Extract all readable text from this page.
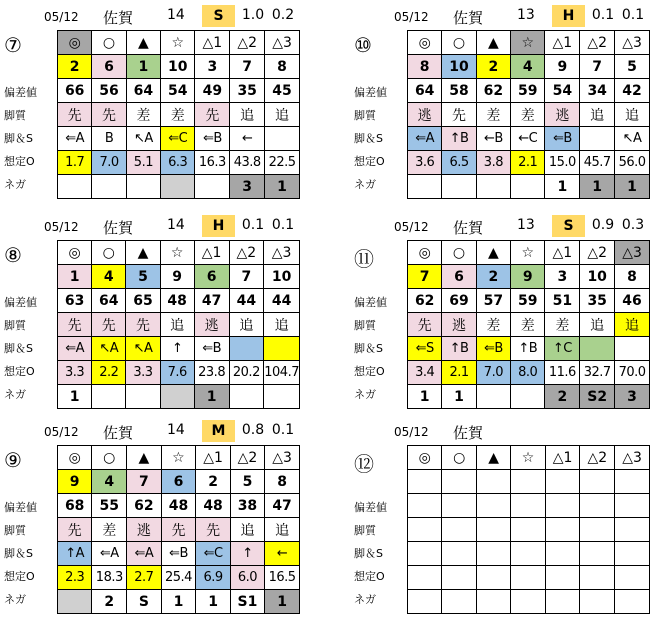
05/12 佐賀 14	S	1.0 0.2
⑦
偏差値
脚質
脚＆S
想定O
ネガ
◎	○	▲	☆	△1	△2	△3
2	6	1	10	3	7	8
66	56	64	54	49	35	45
先	先	差	差	先	追	追
⇐A	B	↖A	⇐C	⇐B	←	
1.7	7.0	5.1	6.3	16.3	43.8	22.5
					3	1
05/12 佐賀 13	H	0.1 0.1
⑩
偏差値
脚質
脚＆S
想定O
ネガ
◎	○	▲	☆	△1	△2	△3
8	10	2	4	9	7	5
64	58	62	59	54	34	42
逃	先	差	差	逃	追	追
⇐A	↑B	←B	←C	⇐B		↖A
3.6	6.5	3.8	2.1	15.0	45.7	56.0
				1	1	1
05/12 佐賀 14	H	0.1 0.1
⑧
偏差値
脚質
脚＆S
想定O
ネガ
◎	○	▲	☆	△1	△2	△3
1	4	5	9	6	7	10
63	64	65	48	47	44	44
先	先	先	追	逃	追	追
⇐A	↖A	↖A	↑	⇐B		
3.3	2.2	3.3	7.6	23.8	20.2	104.7
1				1		
05/12 佐賀 13	S	0.9 0.3
⑪
偏差値
脚質
脚＆S
想定O
ネガ
◎	○	▲	☆	△1	△2	△3
7	6	2	9	3	10	8
62	69	57	59	51	35	46
先	逃	差	差	差	追	追
⇐S	↑B	⇐B	↑B	↑C		
3.4	2.1	7.0	8.0	11.6	32.7	70.0
1	1			2	S2	3
05/12 佐賀 14	M	0.8 0.1
⑨
偏差値
脚質
脚＆S
想定O
ネガ
◎	○	▲	☆	△1	△2	△3
9	4	7	6	2	5	8
68	55	62	48	48	38	47
先	差	逃	先	先	追	追
↑A	⇐A	⇐A	⇐B	⇐C	↑	←
2.3	18.3	2.7	25.4	6.9	6.0	16.5
	2	S	1	1	S1	1
05/12 佐賀
⑫
偏差値
脚質
脚＆S
想定O
ネガ
◎	○	▲	☆	△1	△2	△3
